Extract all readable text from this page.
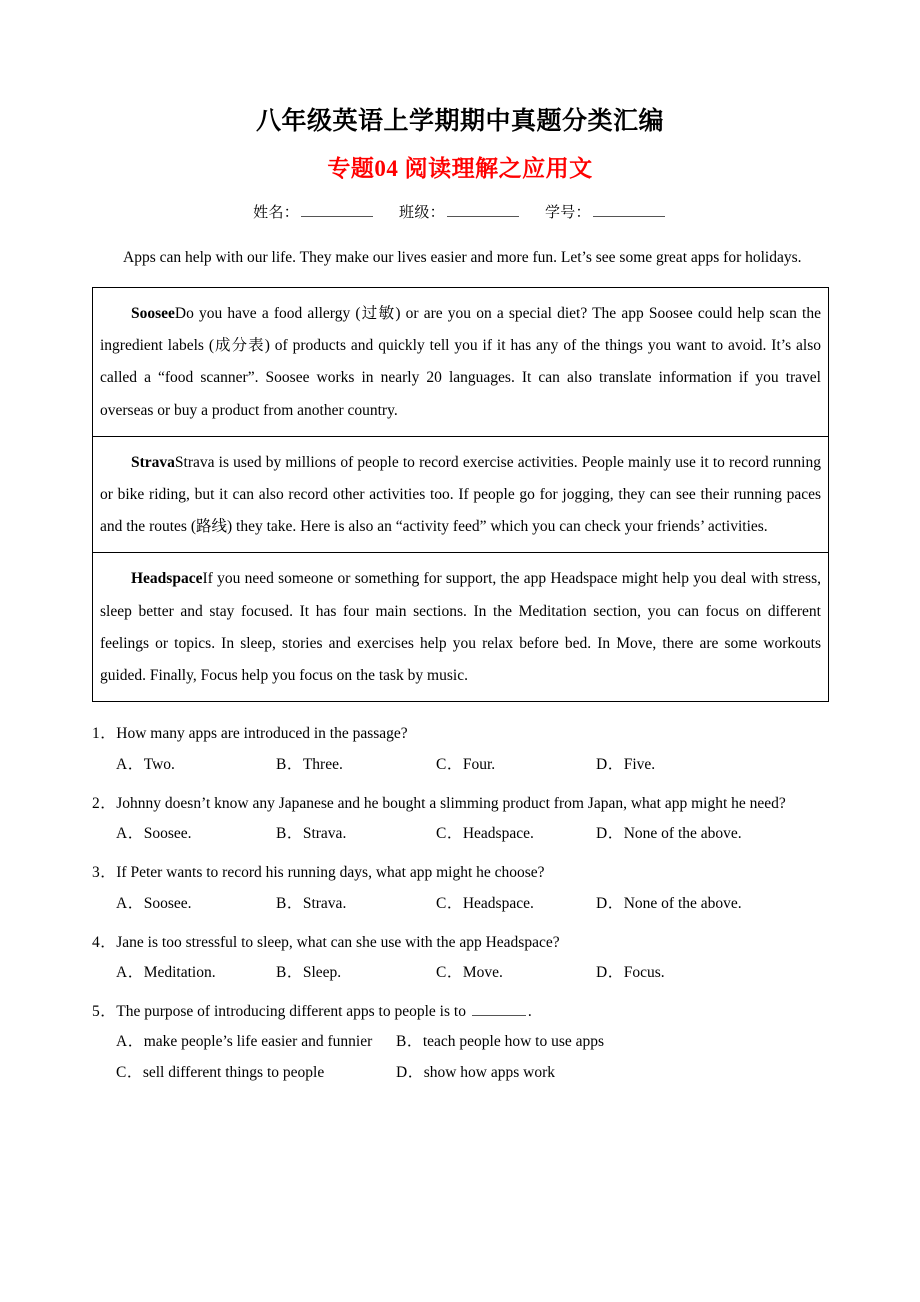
八年级英语上学期期中真题分类汇编
专题04 阅读理解之应用文
姓名：	班级：	学号：

Apps can help with our life. They make our lives easier and more fun. Let’s see some great apps for holidays.

SooseeDo you have a food allergy (过敏) or are you on a special diet? The app Soosee could help scan the ingredient labels (成分表) of products and quickly tell you if it has any of the things you want to avoid. It’s also called a “food scanner”. Soosee works in nearly 20 languages. It can also translate information if you travel overseas or buy a product from another country.

StravaStrava is used by millions of people to record exercise activities. People mainly use it to record running or bike riding, but it can also record other activities too. If people go for jogging, they can see their running paces and the routes (路线) they take. Here is also an “activity feed” which you can check your friends’ activities.

HeadspaceIf you need someone or something for support, the app Headspace might help you deal with stress, sleep better and stay focused. It has four main sections. In the Meditation section, you can focus on different feelings or topics. In sleep, stories and exercises help you relax before bed. In Move, there are some workouts guided. Finally, Focus help you focus on the task by music.

1．How many apps are introduced in the passage?

A．Two.	B．Three.	C．Four.	D．Five.

2．Johnny doesn’t know any Japanese and he bought a slimming product from Japan, what app might he need?

A．Soosee.	B．Strava.	C．Headspace.	D．None of the above.

3．If Peter wants to record his running days, what app might he choose?

A．Soosee.	B．Strava.	C．Headspace.	D．None of the above.

4．Jane is too stressful to sleep, what can she use with the app Headspace?

A．Meditation.	B．Sleep.	C．Move.	D．Focus.

5．The purpose of introducing different apps to people is to	.

A．make people’s life easier and funnier	B．teach people how to use apps
C．sell different things to people	D．show how apps work
